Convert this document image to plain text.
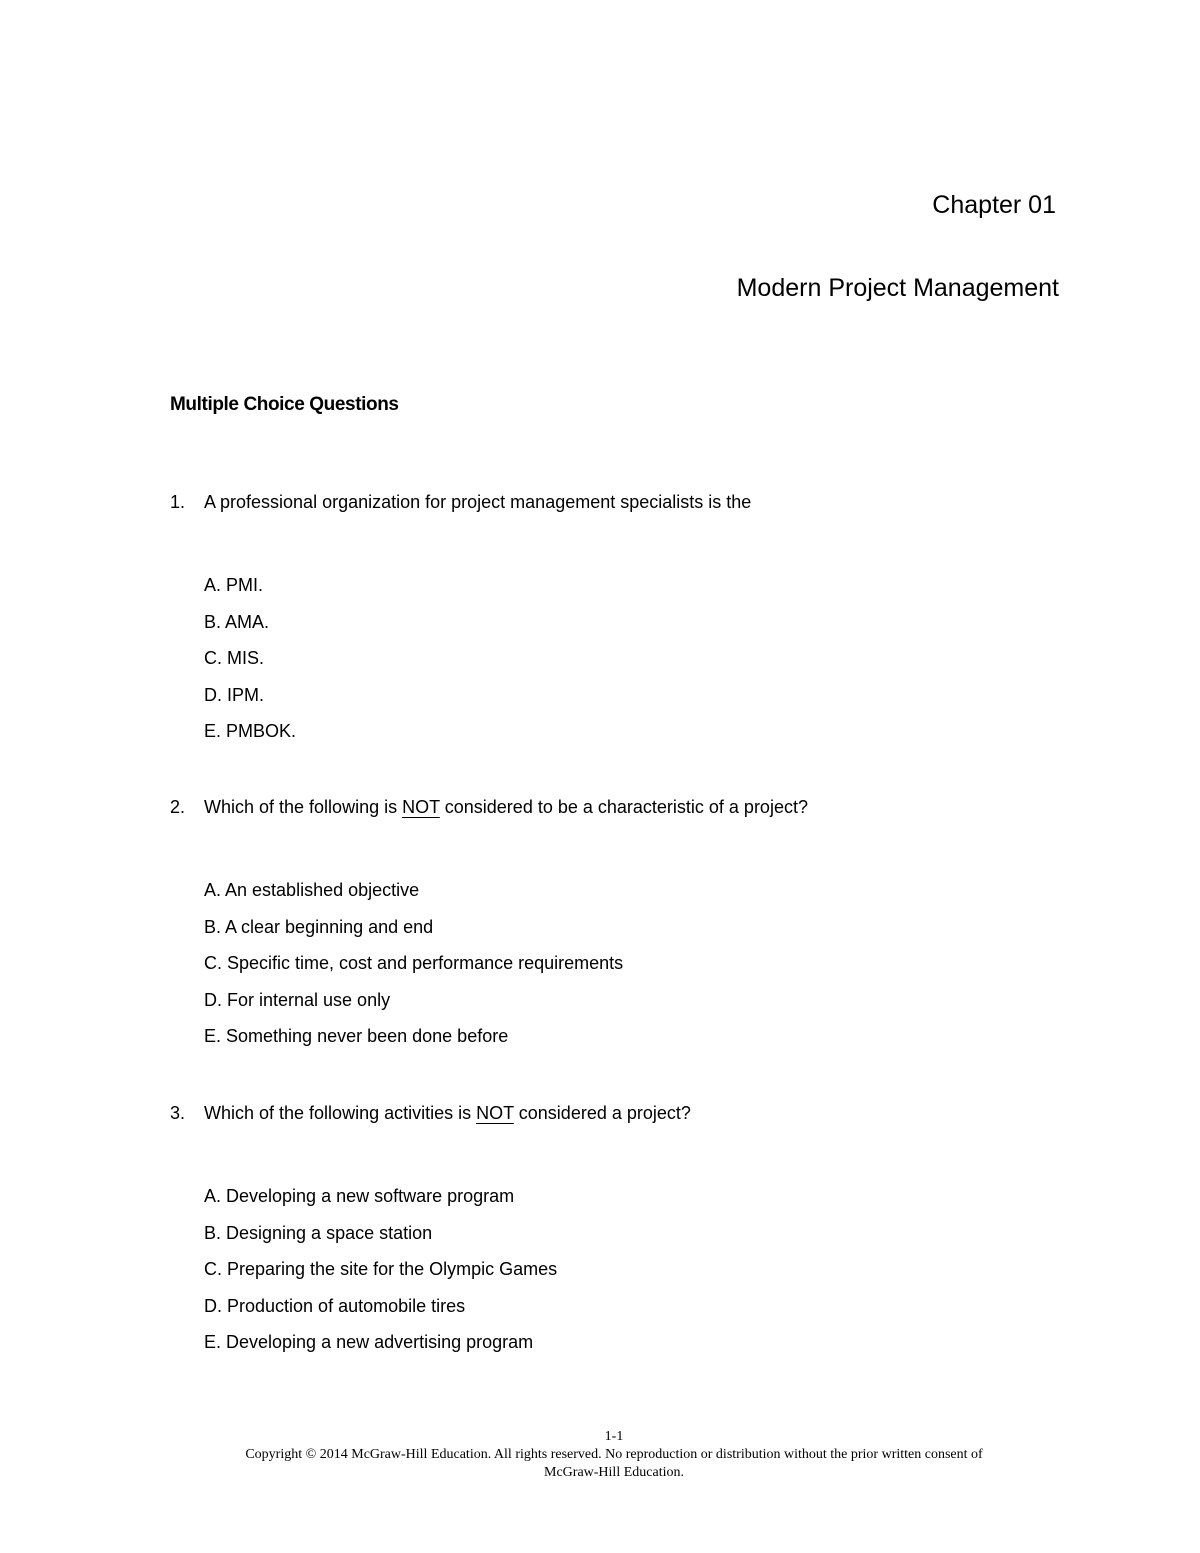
Chapter 01
Modern Project Management
Multiple Choice Questions
1. A professional organization for project management specialists is the
A. PMI.
B. AMA.
C. MIS.
D. IPM.
E. PMBOK.
2. Which of the following is NOT considered to be a characteristic of a project?
A. An established objective
B. A clear beginning and end
C. Specific time, cost and performance requirements
D. For internal use only
E. Something never been done before
3. Which of the following activities is NOT considered a project?
A. Developing a new software program
B. Designing a space station
C. Preparing the site for the Olympic Games
D. Production of automobile tires
E. Developing a new advertising program
1-1
Copyright © 2014 McGraw-Hill Education. All rights reserved. No reproduction or distribution without the prior written consent of
McGraw-Hill Education.
